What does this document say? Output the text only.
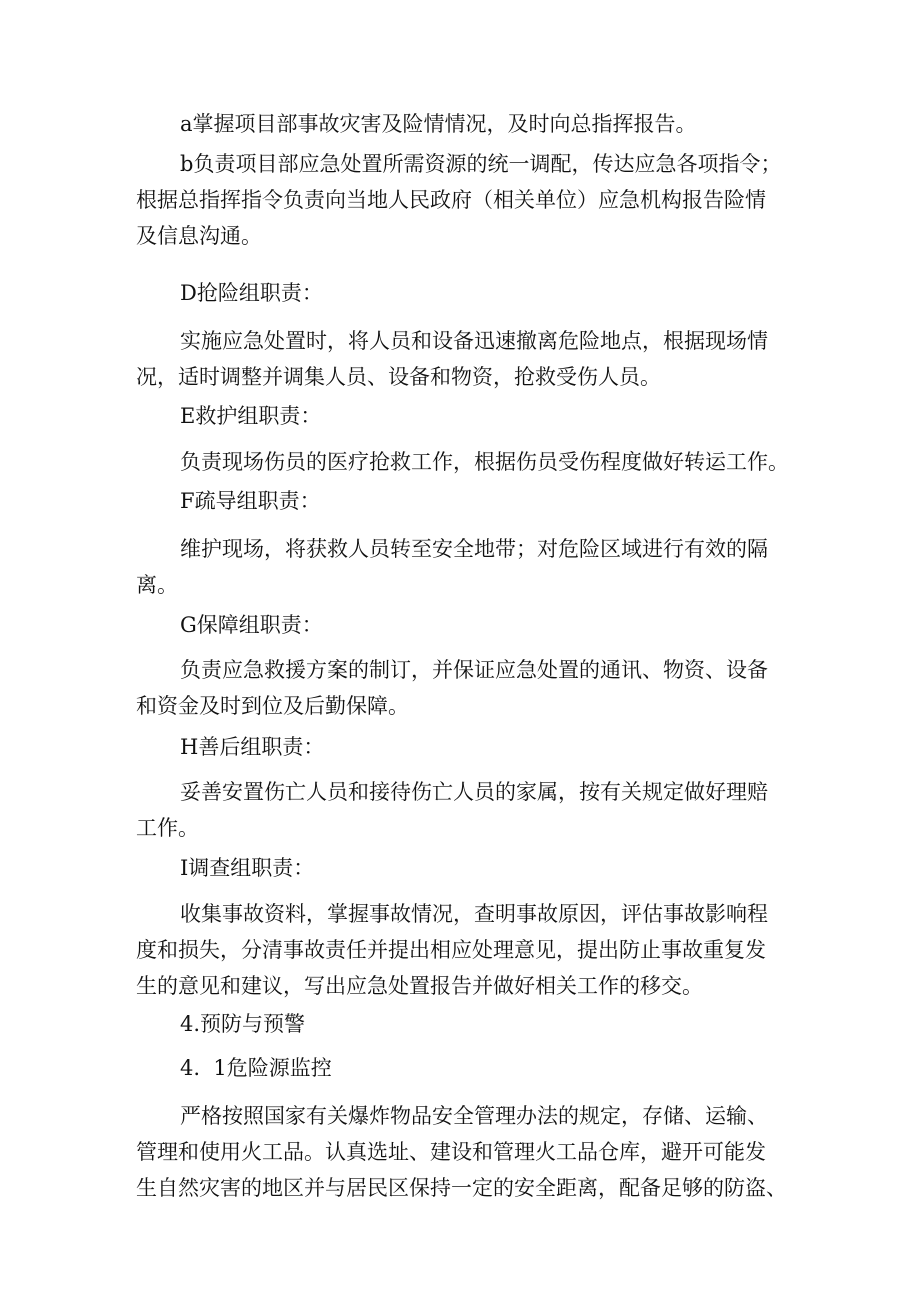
a掌握项目部事故灾害及险情情况，及时向总指挥报告。
b负责项目部应急处置所需资源的统一调配，传达应急各项指令；
根据总指挥指令负责向当地人民政府（相关单位）应急机构报告险情
及信息沟通。
D抢险组职责：
实施应急处置时，将人员和设备迅速撤离危险地点，根据现场情
况，适时调整并调集人员、设备和物资，抢救受伤人员。
E救护组职责：
负责现场伤员的医疗抢救工作，根据伤员受伤程度做好转运工作。
F疏导组职责：
维护现场，将获救人员转至安全地带；对危险区域进行有效的隔
离。
G保障组职责：
负责应急救援方案的制订，并保证应急处置的通讯、物资、设备
和资金及时到位及后勤保障。
H善后组职责：
妥善安置伤亡人员和接待伤亡人员的家属，按有关规定做好理赔
工作。
I调查组职责：
收集事故资料，掌握事故情况，查明事故原因，评估事故影响程
度和损失，分清事故责任并提出相应处理意见，提出防止事故重复发
生的意见和建议，写出应急处置报告并做好相关工作的移交。
4.预防与预警
4.  1危险源监控
严格按照国家有关爆炸物品安全管理办法的规定，存储、运输、
管理和使用火工品。认真选址、建设和管理火工品仓库，避开可能发
生自然灾害的地区并与居民区保持一定的安全距离，配备足够的防盗、
